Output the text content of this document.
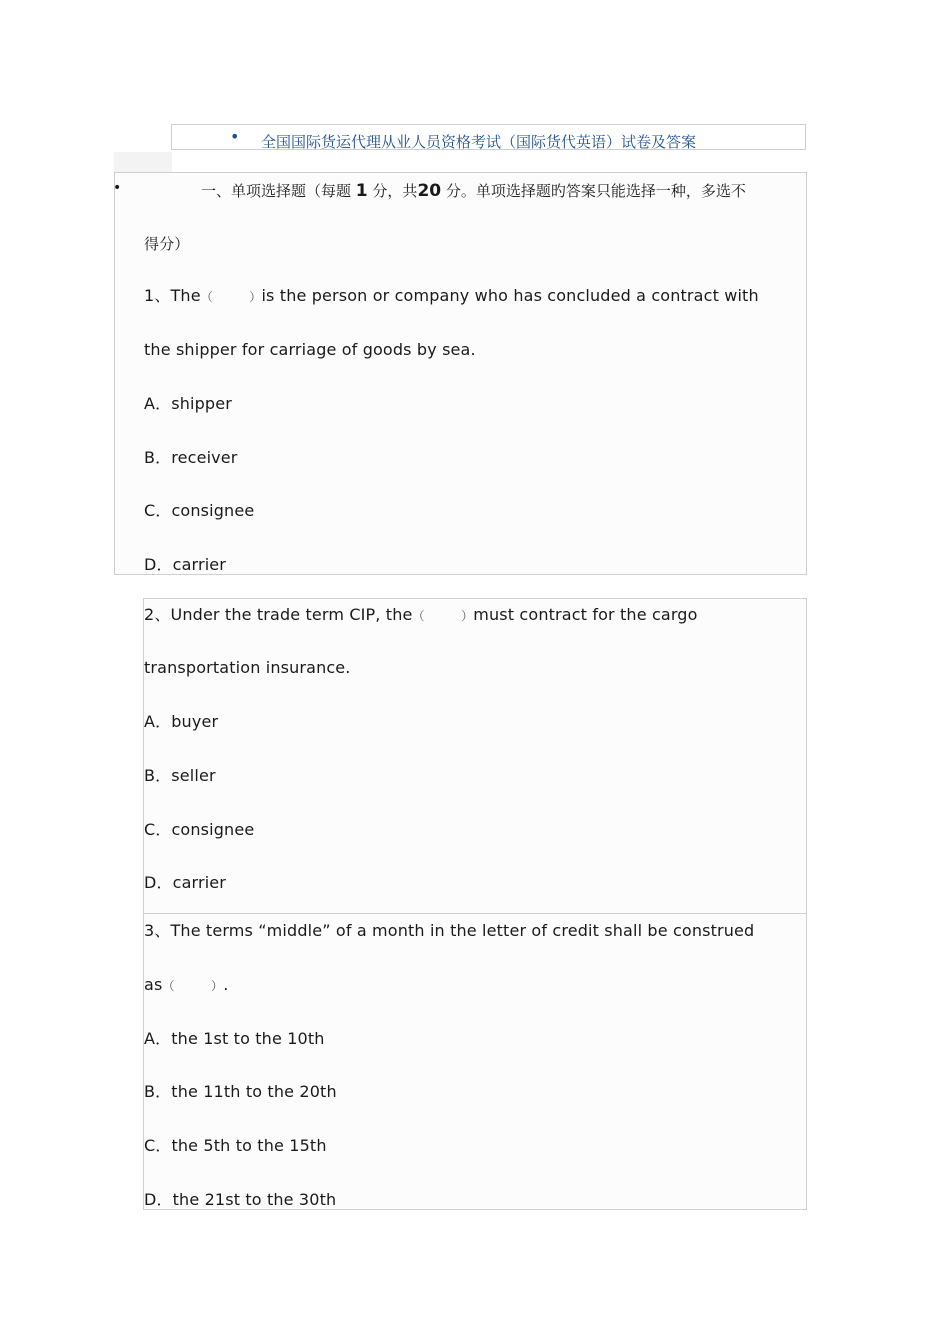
• 全国国际货运代理从业人员资格考试（国际货代英语）试卷及答案
•	一、单项选择题（每题 1 分，共20 分。单项选择题旳答案只能选择一种，多选不
得分）
1、The（　　　）is the person or company who has concluded a contract with
the shipper for carriage of goods by sea.
A．shipper
B．receiver
C．consignee
D．carrier
2、Under the trade term CIP, the（　　　）must contract for the cargo
transportation insurance.
A．buyer
B．seller
C．consignee
D．carrier
3、The terms “middle” of a month in the letter of credit shall be construed
as（　　　）.
A．the 1st to the 10th
B．the 11th to the 20th
C．the 5th to the 15th
D．the 21st to the 30th
